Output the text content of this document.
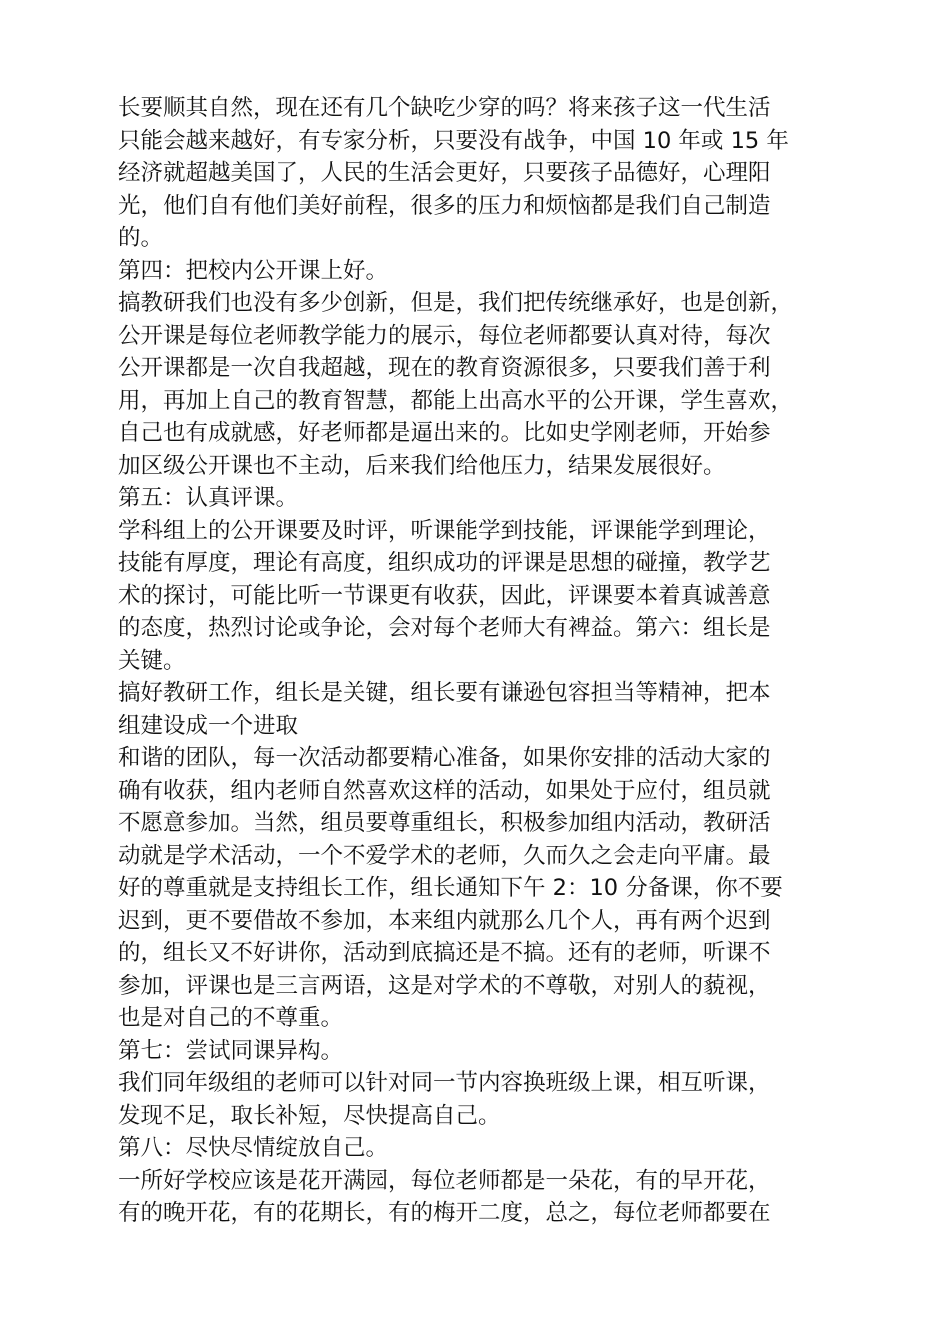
长要顺其自然，现在还有几个缺吃少穿的吗？将来孩子这一代生活
只能会越来越好，有专家分析，只要没有战争，中国 10 年或 15 年
经济就超越美国了，人民的生活会更好，只要孩子品德好，心理阳
光，他们自有他们美好前程，很多的压力和烦恼都是我们自己制造
的。
第四：把校内公开课上好。
搞教研我们也没有多少创新，但是，我们把传统继承好，也是创新，
公开课是每位老师教学能力的展示，每位老师都要认真对待，每次
公开课都是一次自我超越，现在的教育资源很多，只要我们善于利
用，再加上自己的教育智慧，都能上出高水平的公开课，学生喜欢，
自己也有成就感，好老师都是逼出来的。比如史学刚老师，开始参
加区级公开课也不主动，后来我们给他压力，结果发展很好。
第五：认真评课。
学科组上的公开课要及时评，听课能学到技能，评课能学到理论，
技能有厚度，理论有高度，组织成功的评课是思想的碰撞，教学艺
术的探讨，可能比听一节课更有收获，因此，评课要本着真诚善意
的态度，热烈讨论或争论，会对每个老师大有裨益。第六：组长是
关键。
搞好教研工作，组长是关键，组长要有谦逊包容担当等精神，把本
组建设成一个进取
和谐的团队，每一次活动都要精心准备，如果你安排的活动大家的
确有收获，组内老师自然喜欢这样的活动，如果处于应付，组员就
不愿意参加。当然，组员要尊重组长，积极参加组内活动，教研活
动就是学术活动，一个不爱学术的老师，久而久之会走向平庸。最
好的尊重就是支持组长工作，组长通知下午 2：10 分备课，你不要
迟到，更不要借故不参加，本来组内就那么几个人，再有两个迟到
的，组长又不好讲你，活动到底搞还是不搞。还有的老师，听课不
参加，评课也是三言两语，这是对学术的不尊敬，对别人的藐视，
也是对自己的不尊重。
第七：尝试同课异构。
我们同年级组的老师可以针对同一节内容换班级上课，相互听课，
发现不足，取长补短，尽快提高自己。
第八：尽快尽情绽放自己。
一所好学校应该是花开满园，每位老师都是一朵花，有的早开花，
有的晚开花，有的花期长，有的梅开二度，总之，每位老师都要在
